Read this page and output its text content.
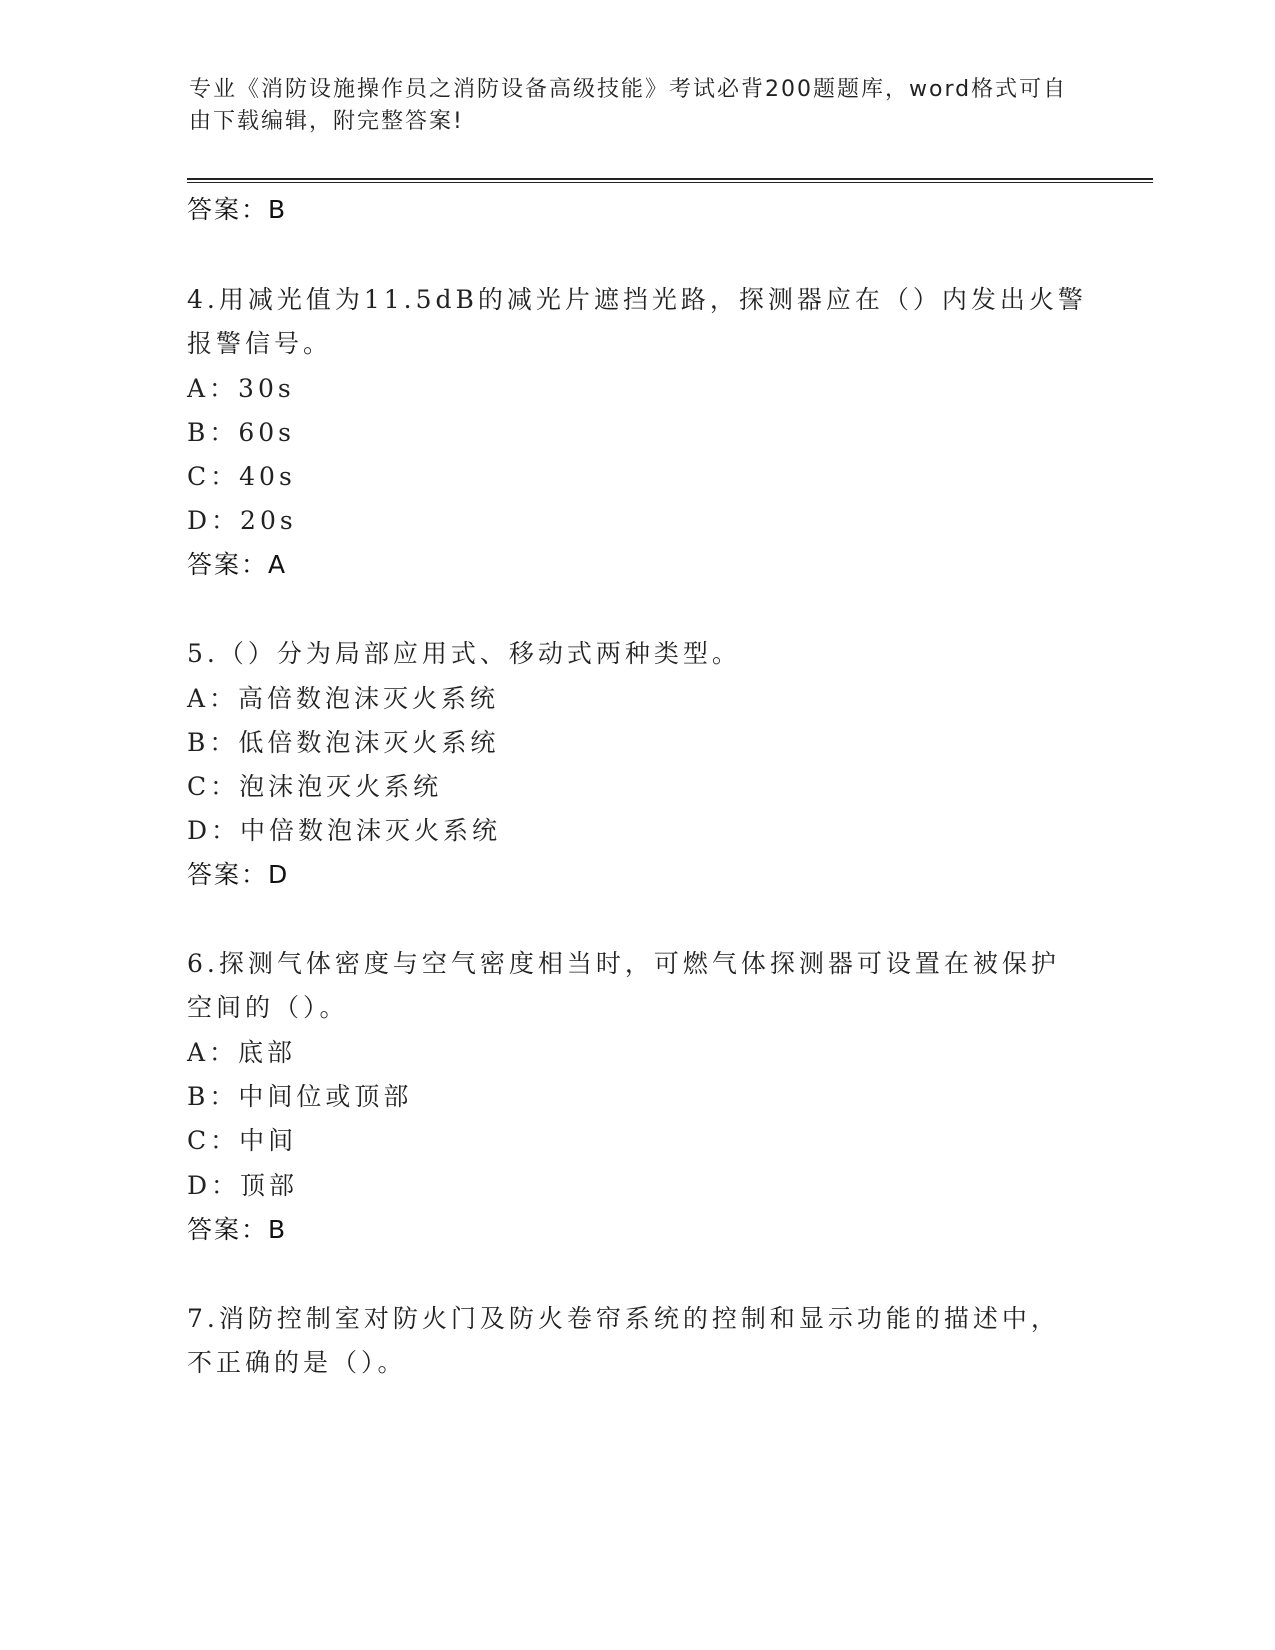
专业《消防设施操作员之消防设备高级技能》考试必背200题题库，word格式可自由下载编辑，附完整答案!
答案：B
4.用减光值为11.5dB的减光片遮挡光路，探测器应在（）内发出火警
报警信号。
A：30s
B：60s
C：40s
D：20s
答案：A
5.（）分为局部应用式、移动式两种类型。
A：高倍数泡沫灭火系统
B：低倍数泡沫灭火系统
C：泡沫泡灭火系统
D：中倍数泡沫灭火系统
答案：D
6.探测气体密度与空气密度相当时，可燃气体探测器可设置在被保护
空间的（）。
A：底部
B：中间位或顶部
C：中间
D：顶部
答案：B
7.消防控制室对防火门及防火卷帘系统的控制和显示功能的描述中，
不正确的是（）。
